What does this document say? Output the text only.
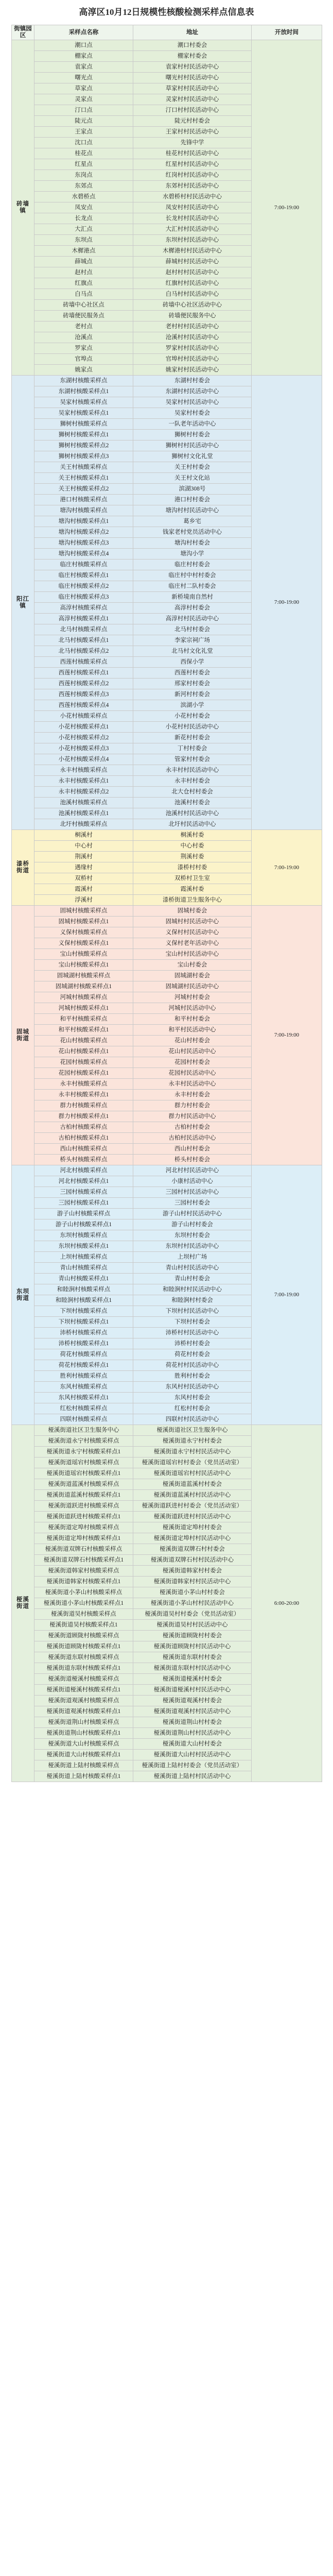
高淳区10月12日规模性核酸检测采样点信息表
街镇园区	采样点名称	地址	开放时间
砖墙镇	潮口点	潮口村委会	7:00-19:00
	棚家点	棚家村委会	
	袁家点	袁家村村民活动中心	
	曙光点	曙光村村民活动中心	
	草家点	草家村村民活动中心	
	灵家点	灵家村村民活动中心	
	汀口点	汀口村村民活动中心	
	陡元点	陡元村村委会	
	王家点	王家村村民活动中心	
	沈口点	先锋中学	
	桂花点	桂花村村民活动中心	
	红星点	红星村村民活动中心	
	东岗点	红岗村村民活动中心	
	东郊点	东郊村村民活动中心	
	水碧桥点	水碧桥村村民活动中心	
	凤安点	凤安村村民活动中心	
	长龙点	长龙村村民活动中心	
	大汇点	大汇村村民活动中心	
	东坝点	东坝村村民活动中心	
	木樨港点	木樨港村村民活动中心	
	薛城点	薛城村村民活动中心	
	赵村点	赵村村村民活动中心	
	红旗点	红旗村村民活动中心	
	白马点	白马村村民活动中心	
	砖墙中心社区点	砖墙中心社区活动中心	
	砖墙便民服务点	砖墙便民服务中心	
	老村点	老村村村民活动中心	
	沧溪点	沧溪村村民活动中心	
	罗家点	罗家村村民活动中心	
	官埠点	官埠村村民活动中心	
	姚家点	姚家村村民活动中心	
阳江镇	东湖村核酸采样点	东湖村村委会	7:00-19:00
	东湖村核酸采样点1	东湖村村民活动中心	
	吴家村核酸采样点	吴家村村民活动中心	
	吴家村核酸采样点1	吴家村村委会	
	狮树村核酸采样点	一队老年活动中心	
	狮树村核酸采样点1	狮树村村委会	
	狮树村核酸采样点2	狮树村村民活动中心	
	狮树村核酸采样点3	狮树村文化礼堂	
	关王村核酸采样点	关王村村委会	
	关王村核酸采样点1	关王村文化站	
	关王村核酸采样点2	滨湖308号	
	港口村核酸采样点	港口村村委会	
	塘沟村核酸采样点	塘沟村村民活动中心	
	塘沟村核酸采样点1	葛乡宅	
	塘沟村核酸采样点2	钱家老村党员活动中心	
	塘沟村核酸采样点3	塘沟村村委会	
	塘沟村核酸采样点4	塘沟小学	
	临庄村核酸采样点	临庄村村委会	
	临庄村核酸采样点1	临庄村中村村委会	
	临庄村核酸采样点2	临庄村二队村委会	
	临庄村核酸采样点3	新桥境南自然村	
	高淳村核酸采样点	高淳村村委会	
	高淳村核酸采样点1	高淳村村民活动中心	
	北马村核酸采样点	北马村村委会	
	北马村核酸采样点1	李家宗祠广场	
	北马村核酸采样点2	北马村文化礼堂	
	西莲村核酸采样点	西保小学	
	西莲村核酸采样点1	西莲村村委会	
	西莲村核酸采样点2	邢家村村委会	
	西莲村核酸采样点3	新河村村委会	
	西莲村核酸采样点4	滨湖小学	
	小花村核酸采样点	小花村村委会	
	小花村核酸采样点1	小花村村民活动中心	
	小花村核酸采样点2	新花村村委会	
	小花村核酸采样点3	丁村村委会	
	小花村核酸采样点4	管家村村委会	
	永丰村核酸采样点	永丰村村民活动中心	
	永丰村核酸采样点1	永丰村村委会	
	永丰村核酸采样点2	北大仓村村委会	
	池溪村核酸采样点	池溪村村委会	
	池溪村核酸采样点1	池溪村村民活动中心	
	北圩村核酸采样点	北圩村民活动中心	
漆桥街道	桐溪村	桐溪村委	7:00-19:00
	中心村	中心村委	
	荆溪村	荆溪村委	
	遇缘村	漆桥村村委	
	双桥村	双桥村卫生室	
	霞溪村	霞溪村委	
	浮溪村	漆桥街道卫生服务中心	
固城街道	固城村核酸采样点	固城村委会	7:00-19:00
	固城村核酸采样点1	固城村村民活动中心	
	义保村核酸采样点	义保村村民活动中心	
	义保村核酸采样点1	义保村老年活动中心	
	宝山村核酸采样点	宝山村村民活动中心	
	宝山村核酸采样点1	宝山村委会	
	固城湖村核酸采样点	固城湖村委会	
	固城湖村核酸采样点1	固城湖村民活动中心	
	河城村核酸采样点	河城村村委会	
	河城村核酸采样点1	河城村民活动中心	
	和平村核酸采样点	和平村村委会	
	和平村核酸采样点1	和平村民活动中心	
	花山村核酸采样点	花山村村委会	
	花山村核酸采样点1	花山村民活动中心	
	花园村核酸采样点	花园村村委会	
	花园村核酸采样点1	花园村民活动中心	
	永丰村核酸采样点	永丰村民活动中心	
	永丰村核酸采样点1	永丰村村委会	
	群力村核酸采样点	群力村村委会	
	群力村核酸采样点1	群力村民活动中心	
	古柏村核酸采样点	古柏村村委会	
	古柏村核酸采样点1	古柏村民活动中心	
	西山村核酸采样点	西山村村委会	
	桥头村核酸采样点	桥头村村委会	
东坝街道	河北村核酸采样点	河北村村民活动中心	7:00-19:00
	河北村核酸采样点1	小康村活动中心	
	三园村核酸采样点	三园村村民活动中心	
	三园村核酸采样点1	三园村村委会	
	游子山村核酸采样点	游子山村村民活动中心	
	游子山村核酸采样点1	游子山村村委会	
	东坝村核酸采样点	东坝村村委会	
	东坝村核酸采样点1	东坝村村民活动中心	
	上坝村核酸采样点	上坝村广场	
	青山村核酸采样点	青山村村民活动中心	
	青山村核酸采样点1	青山村村委会	
	和睦涧村核酸采样点	和睦涧村村民活动中心	
	和睦涧村核酸采样点1	和睦涧村村委会	
	下坝村核酸采样点	下坝村村民活动中心	
	下坝村核酸采样点1	下坝村村委会	
	沛桥村核酸采样点	沛桥村村民活动中心	
	沛桥村核酸采样点1	沛桥村村委会	
	荷花村核酸采样点	荷花村村委会	
	荷花村核酸采样点1	荷花村村民活动中心	
	胜利村核酸采样点	胜利村村委会	
	东风村核酸采样点	东风村村民活动中心	
	东风村核酸采样点1	东风村村委会	
	红松村核酸采样点	红松村村委会	
	四联村核酸采样点	四联村村民活动中心	
桠溪街道	桠溪街道社区卫生服务中心	桠溪街道社区卫生服务中心	6:00-20:00
	桠溪街道永宁村核酸采样点	桠溪街道永宁村村委会	
	桠溪街道永宁村核酸采样点1	桠溪街道永宁村村民活动中心	
	桠溪街道瑶宕村核酸采样点	桠溪街道瑶宕村村委会（党员活动室）	
	桠溪街道瑶宕村核酸采样点1	桠溪街道瑶宕村村民活动中心	
	桠溪街道蓝溪村核酸采样点	桠溪街道蓝溪村村委会	
	桠溪街道蓝溪村核酸采样点1	桠溪街道蓝溪村村民活动中心	
	桠溪街道跃进村核酸采样点	桠溪街道跃进村村委会（党员活动室）	
	桠溪街道跃进村核酸采样点1	桠溪街道跃进村村民活动中心	
	桠溪街道定埠村核酸采样点	桠溪街道定埠村村委会	
	桠溪街道定埠村核酸采样点1	桠溪街道定埠村村民活动中心	
	桠溪街道双牌石村核酸采样点	桠溪街道双牌石村村委会	
	桠溪街道双牌石村核酸采样点1	桠溪街道双牌石村村民活动中心	
	桠溪街道韩家村核酸采样点	桠溪街道韩家村村委会	
	桠溪街道韩家村核酸采样点1	桠溪街道韩家村村民活动中心	
	桠溪街道小茅山村核酸采样点	桠溪街道小茅山村村委会	
	桠溪街道小茅山村核酸采样点1	桠溪街道小茅山村村民活动中心	
	桠溪街道吴村核酸采样点	桠溪街道吴村村委会（党员活动室）	
	桠溪街道吴村核酸采样点1	桠溪街道吴村村民活动中心	
	桠溪街道顾陇村核酸采样点	桠溪街道顾陇村村委会	
	桠溪街道顾陇村核酸采样点1	桠溪街道顾陇村村民活动中心	
	桠溪街道东联村核酸采样点	桠溪街道东联村村委会	
	桠溪街道东联村核酸采样点1	桠溪街道东联村村民活动中心	
	桠溪街道桠溪村核酸采样点	桠溪街道桠溪村村委会	
	桠溪街道桠溪村核酸采样点1	桠溪街道桠溪村村民活动中心	
	桠溪街道观溪村核酸采样点	桠溪街道观溪村村委会	
	桠溪街道观溪村核酸采样点1	桠溪街道观溪村村民活动中心	
	桠溪街道荆山村核酸采样点	桠溪街道荆山村村委会	
	桠溪街道荆山村核酸采样点1	桠溪街道荆山村村民活动中心	
	桠溪街道大山村核酸采样点	桠溪街道大山村村委会	
	桠溪街道大山村核酸采样点1	桠溪街道大山村村民活动中心	
	桠溪街道上陆村核酸采样点	桠溪街道上陆村村委会（党员活动室）	
	桠溪街道上陆村核酸采样点1	桠溪街道上陆村村民活动中心	
